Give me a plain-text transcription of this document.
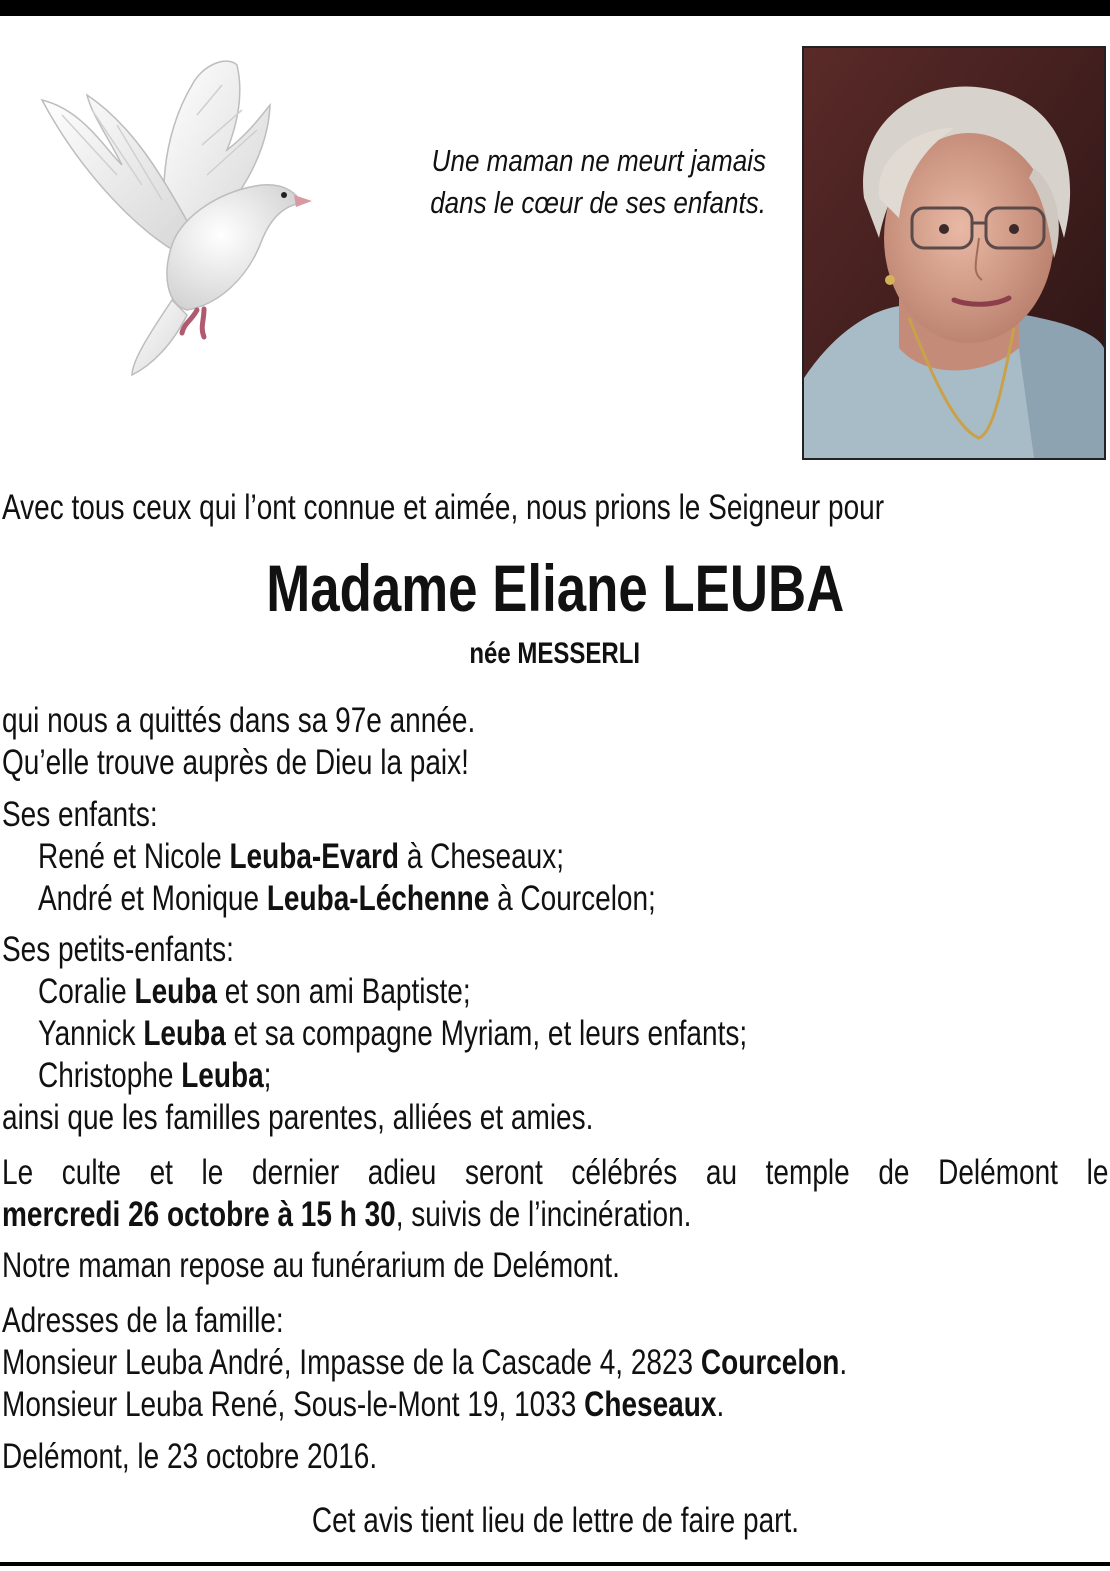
Une maman ne meurt jamais
dans le cœur de ses enfants.
Avec tous ceux qui l’ont connue et aimée, nous prions le Seigneur pour
Madame Eliane LEUBA
née MESSERLI
qui nous a quittés dans sa 97e année.
Qu’elle trouve auprès de Dieu la paix!
Ses enfants:
René et Nicole Leuba-Evard à Cheseaux;
André et Monique Leuba-Léchenne à Courcelon;
Ses petits-enfants:
Coralie Leuba et son ami Baptiste;
Yannick Leuba et sa compagne Myriam, et leurs enfants;
Christophe Leuba;
ainsi que les familles parentes, alliées et amies.
Le culte et le dernier adieu seront célébrés au temple de Delémont le
mercredi 26 octobre à 15 h 30, suivis de l’incinération.
Notre maman repose au funérarium de Delémont.
Adresses de la famille:
Monsieur Leuba André, Impasse de la Cascade 4, 2823 Courcelon.
Monsieur Leuba René, Sous-le-Mont 19, 1033 Cheseaux.
Delémont, le 23 octobre 2016.
Cet avis tient lieu de lettre de faire part.
